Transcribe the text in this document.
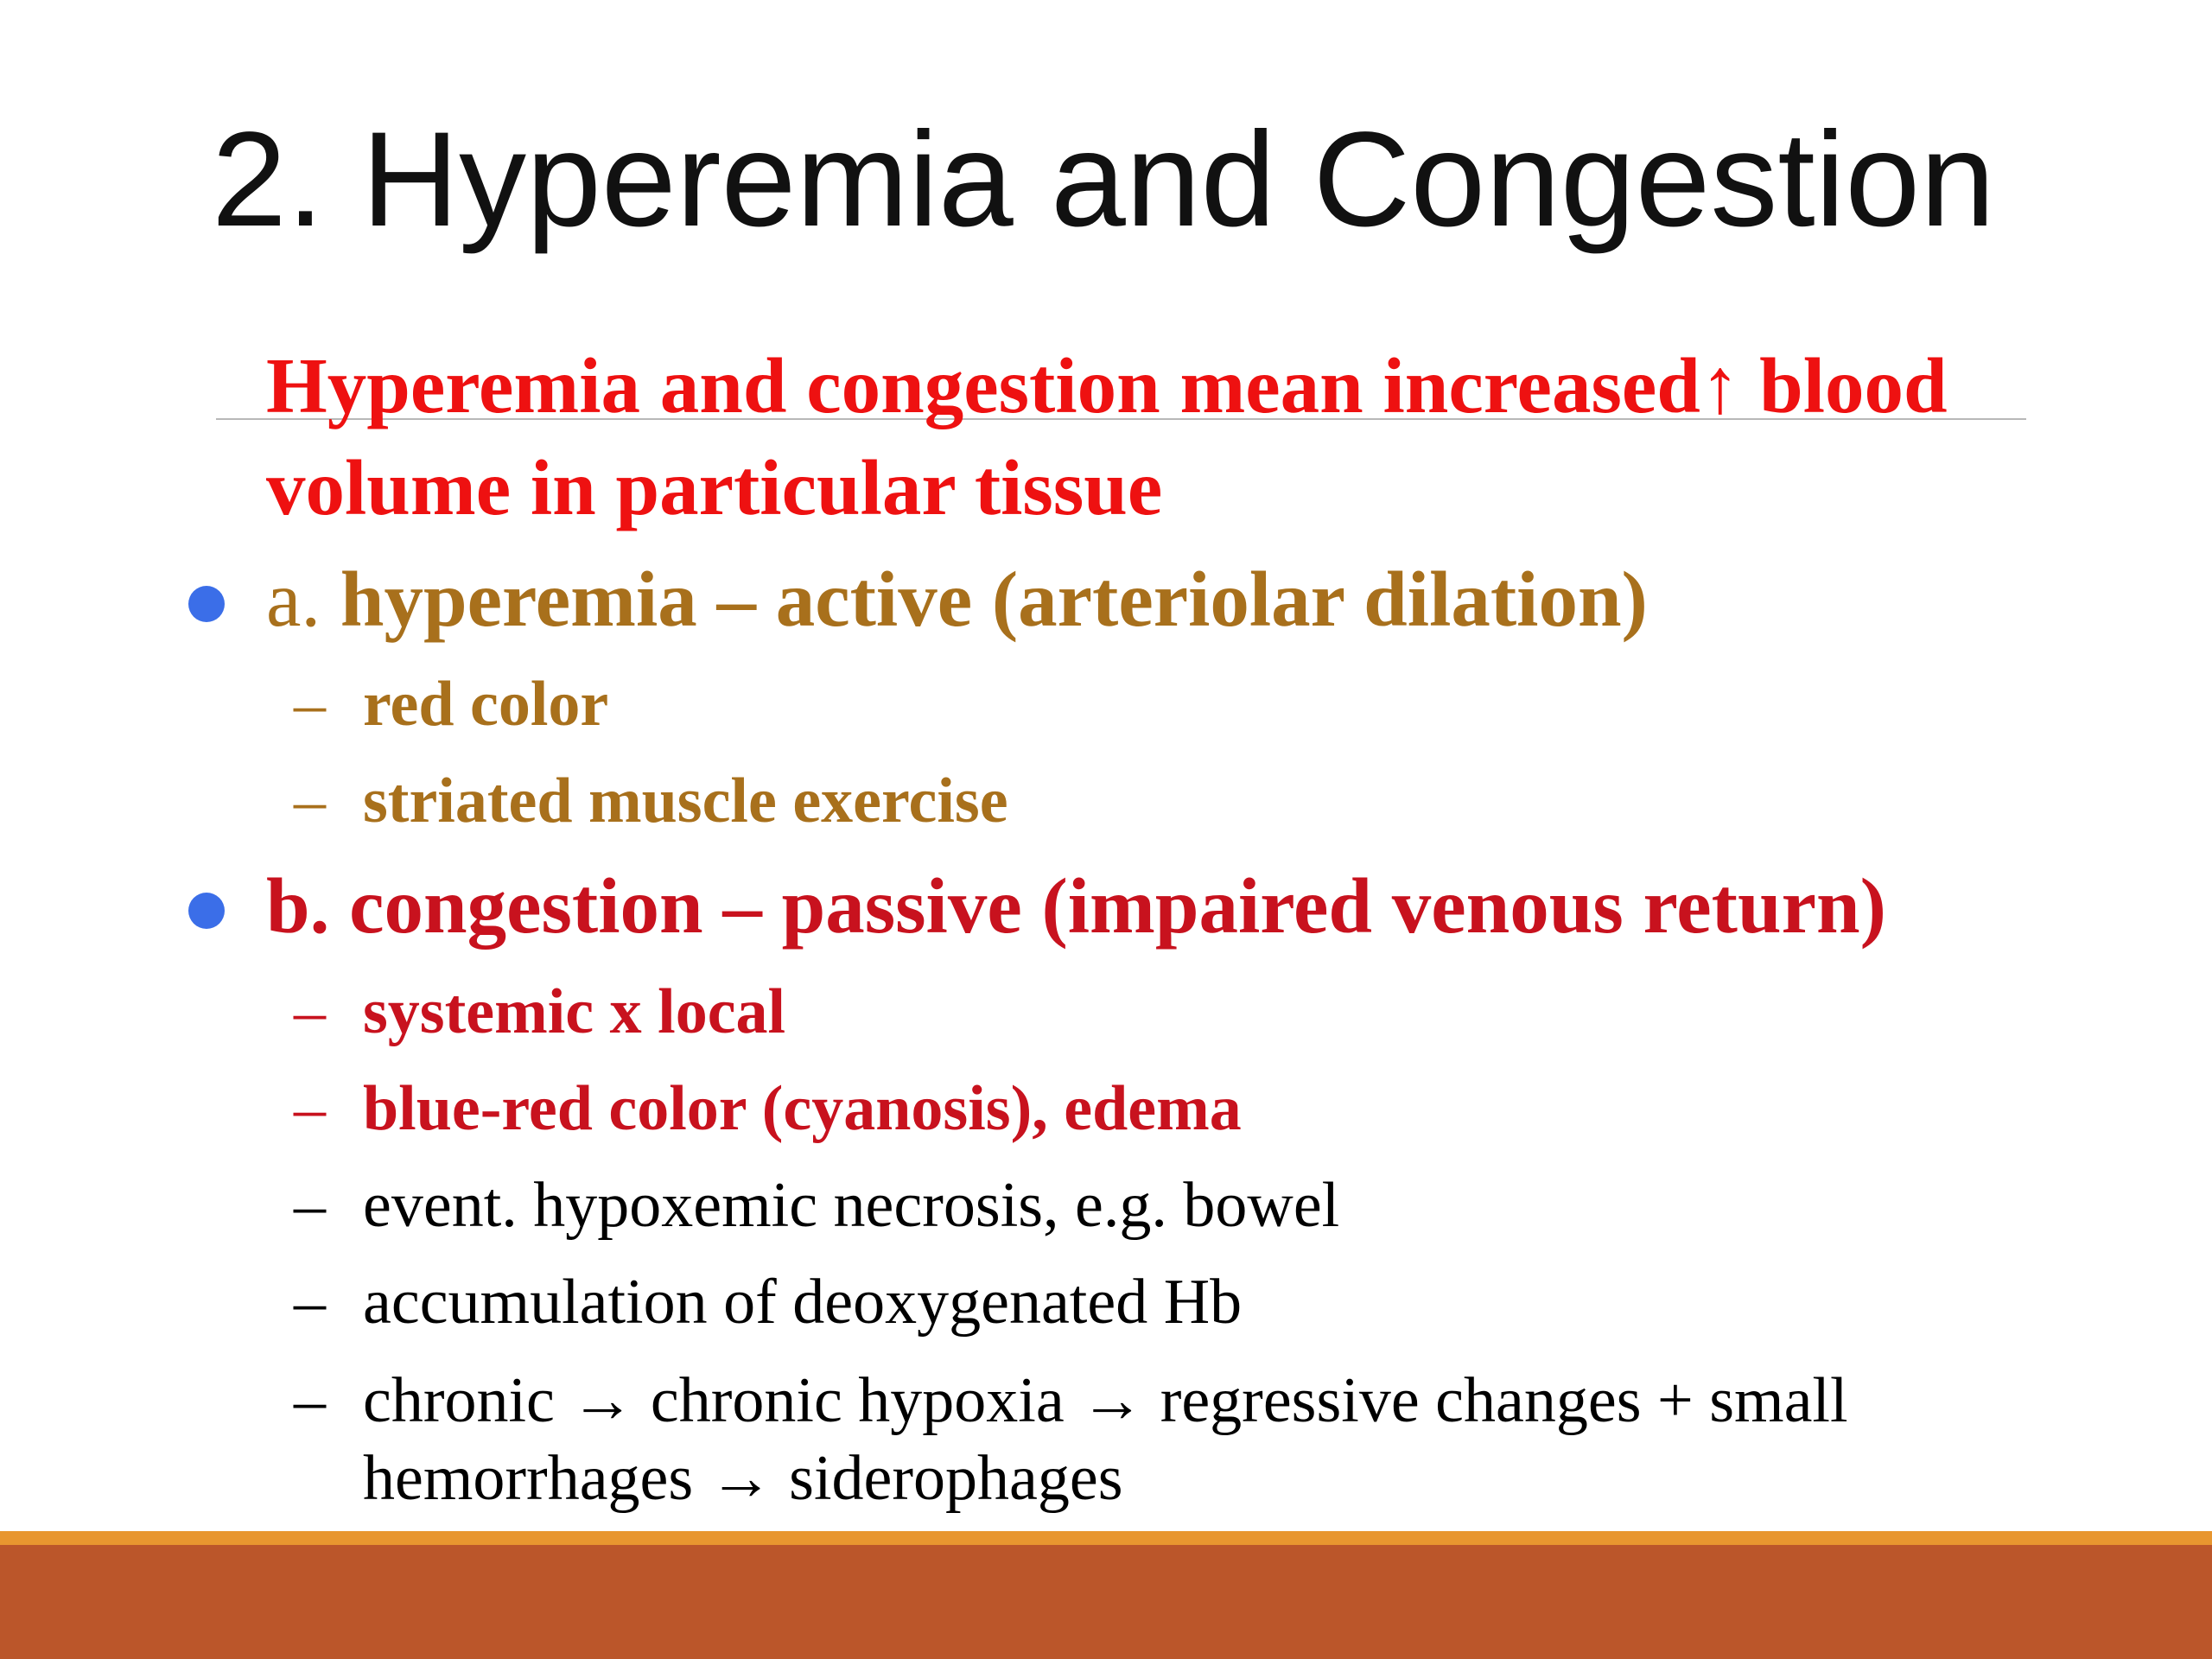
2. Hyperemia and Congestion
Hyperemia and congestion mean increased↑ blood
volume in particular tissue
a. hyperemia – active (arteriolar dilation)
– red color
– striated muscle exercise
b. congestion – passive (impaired venous return)
– systemic x local
– blue-red color (cyanosis), edema
– event. hypoxemic necrosis, e.g. bowel
– accumulation of deoxygenated Hb
– chronic → chronic hypoxia → regressive changes + small
hemorrhages → siderophages
